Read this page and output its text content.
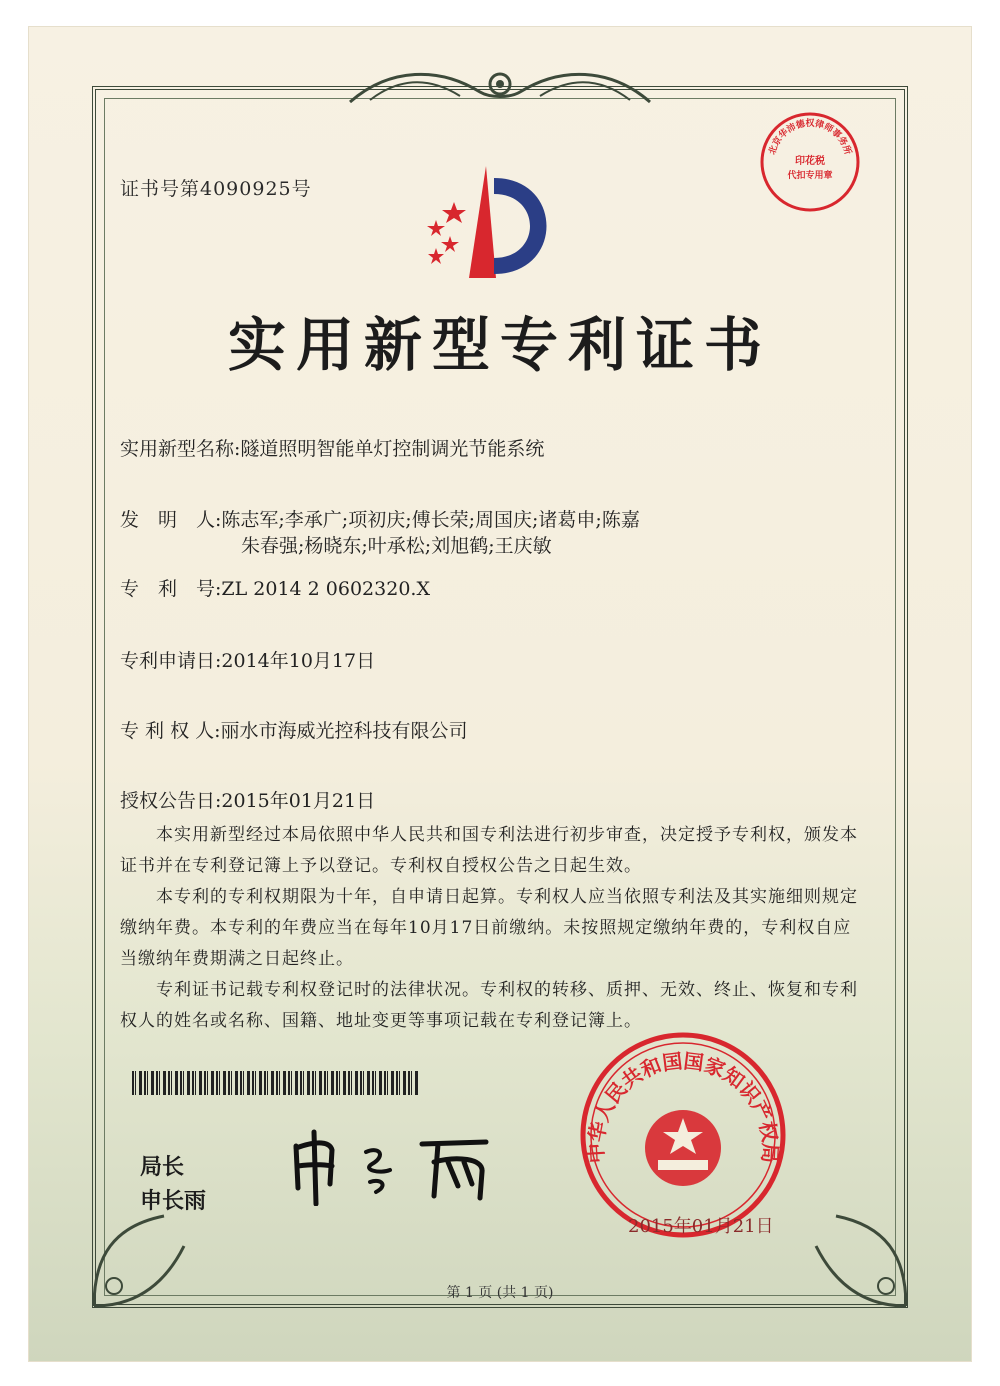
北京华沛德权律师事务所
印花税
代扣专用章
证书号第4090925号
实用新型专利证书
实用新型名称:隧道照明智能单灯控制调光节能系统
发　明　人:陈志军;李承广;项初庆;傅长荣;周国庆;诸葛申;陈嘉
朱春强;杨晓东;叶承松;刘旭鹤;王庆敏
专　利　号:ZL 2014 2 0602320.X
专利申请日:2014年10月17日
专 利 权 人:丽水市海威光控科技有限公司
授权公告日:2015年01月21日
本实用新型经过本局依照中华人民共和国专利法进行初步审查，决定授予专利权，颁发本证书并在专利登记簿上予以登记。专利权自授权公告之日起生效。
本专利的专利权期限为十年，自申请日起算。专利权人应当依照专利法及其实施细则规定缴纳年费。本专利的年费应当在每年10月17日前缴纳。未按照规定缴纳年费的，专利权自应当缴纳年费期满之日起终止。
专利证书记载专利权登记时的法律状况。专利权的转移、质押、无效、终止、恢复和专利权人的姓名或名称、国籍、地址变更等事项记载在专利登记簿上。
局长
申长雨
中华人民共和国国家知识产权局
2015年01月21日
第 1 页 (共 1 页)
